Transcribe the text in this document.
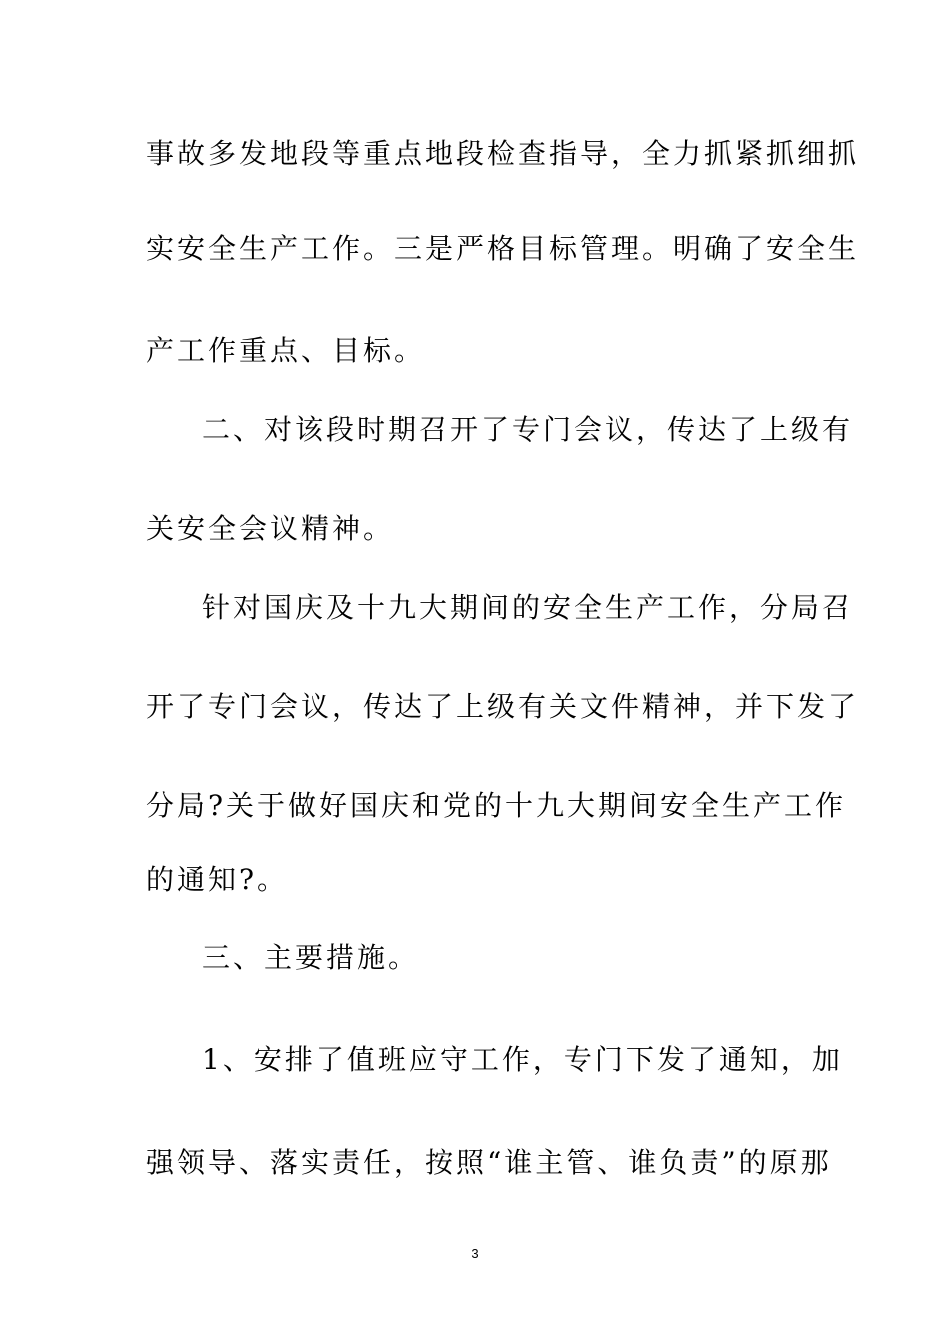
事故多发地段等重点地段检查指导，全力抓紧抓细抓
实安全生产工作。三是严格目标管理。明确了安全生
产工作重点、目标。
二、对该段时期召开了专门会议，传达了上级有
关安全会议精神。
针对国庆及十九大期间的安全生产工作，分局召
开了专门会议，传达了上级有关文件精神，并下发了
分局?关于做好国庆和党的十九大期间安全生产工作
的通知?。
三、主要措施。
1、安排了值班应守工作，专门下发了通知，加
强领导、落实责任，按照“谁主管、谁负责”的原那
3
